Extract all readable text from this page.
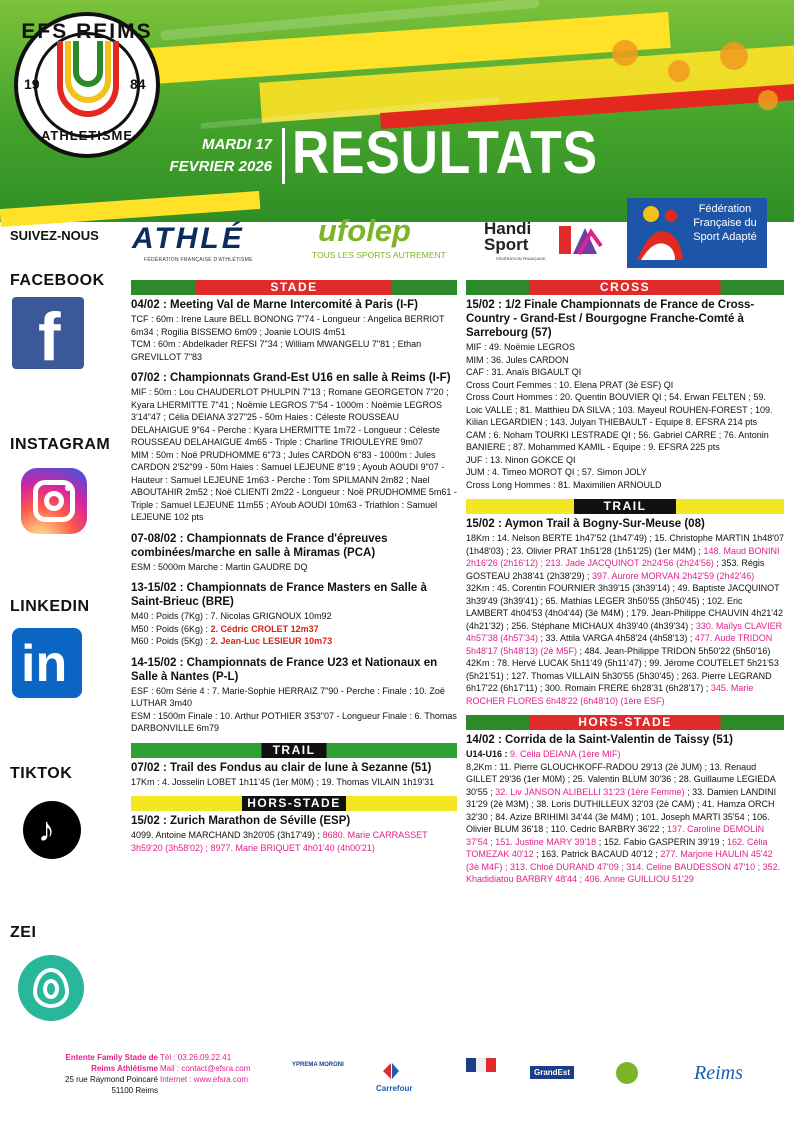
EFS REIMS
19	84
ATHLETISME
MARDI 17
FEVRIER 2026 RESULTATS
SUIVEZ-NOUS
FACEBOOK
f
INSTAGRAM
LINKEDIN
in
TIKTOK
♪
ZEI
ATHLÉ
FÉDÉRATION FRANÇAISE D'ATHLÉTISME
ufolep
TOUS LES SPORTS AUTREMENT
Handi
Sport
FÉDÉRATION FRANÇAISE
Fédération Française du Sport Adapté
STADE
04/02 : Meeting Val de Marne Intercomité à Paris (I-F)

TCF : 60m : Irene Laure BELL BONONG 7"74 - Longueur : Angelica BERRIOT 6m34 ; Rogilia BISSEMO 6m09 ; Joanie LOUIS 4m51

TCM : 60m : Abdelkader REFSI 7"34 ; William MWANGELU 7"81 ; Ethan GREVILLOT 7"83

07/02 : Championnats Grand-Est U16 en salle à Reims (I-F)

MIF : 50m : Lou CHAUDERLOT PHULPIN 7"13 ; Romane GEORGETON 7"20 ; Kyara LHERMITTE 7"41 ; Noëmie LEGROS 7"54 - 1000m : Noëmie LEGROS 3'14"47 ; Célia DEIANA 3'27"25 - 50m Haies : Céleste ROUSSEAU DELAHAIGUE 9"64 - Perche : Kyara LHERMITTE 1m72 - Longueur : Céleste ROUSSEAU DELAHAIGUE 4m65 - Triple : Charline TRIOULEYRE 9m07

MIM : 50m : Noë PRUDHOMME 6"73 ; Jules CARDON 6"83 - 1000m : Jules CARDON 2'52"99 - 50m Haies : Samuel LEJEUNE 8"19 ; Ayoub AOUDI 9"07 - Hauteur : Samuel LEJEUNE 1m63 - Perche : Tom SPILMANN 2m82 ; Nael ABOUTAHIR 2m52 ; Noë CLIENTI 2m22 - Longueur : Noë PRUDHOMME 5m61 - Triple : Samuel LEJEUNE 11m55 ; AYoub AOUDI 10m63 - Triathlon : Samuel LEJEUNE 102 pts

07-08/02 : Championnats de France d'épreuves combinées/marche en salle à Miramas (PCA)

ESM : 5000m Marche : Martin GAUDRE DQ

13-15/02 : Championnats de France Masters en Salle à Saint-Brieuc (BRE)

M40 : Poids (7Kg) : 7. Nicolas GRIGNOUX 10m92

M50 : Poids (6Kg) : 2. Cédric CROLET 12m37

M60 : Poids (5Kg) : 2. Jean-Luc LESIEUR 10m73

14-15/02 : Championnats de France U23 et Nationaux en Salle à Nantes (P-L)

ESF : 60m Série 4 : 7. Marie-Sophie HERRAIZ 7"90 - Perche : Finale : 10. Zoë LUTHAR 3m40

ESM : 1500m Finale : 10. Arthur POTHIER 3'53"07 - Longueur Finale : 6. Thomas DARBONVILLE 6m79

TRAIL
07/02 : Trail des Fondus au clair de lune à Sezanne (51)

17Km : 4. Josselin LOBET 1h11'45 (1er M0M) ; 19. Thomas VILAIN 1h19'31

HORS-STADE
15/02 : Zurich Marathon de Séville (ESP)

4099. Antoine MARCHAND 3h20'05 (3h17'49) ; 8680. Marie CARRASSET 3h59'20 (3h58'02) ; 8977. Marie BRIQUET 4h01'40 (4h00'21)

CROSS
15/02 : 1/2 Finale Championnats de France de Cross-Country - Grand-Est / Bourgogne Franche-Comté à Sarrebourg (57)

MIF : 49. Noëmie LEGROS

MIM : 36. Jules CARDON

CAF : 31. Anaïs BIGAULT QI

Cross Court Femmes : 10. Elena PRAT (3è ESF) QI

Cross Court Hommes : 20. Quentin BOUVIER QI ; 54. Erwan FELTEN ; 59. Loic VALLE ; 81. Matthieu DA SILVA ; 103. Mayeul ROUHEN-FOREST ; 109. Kilian LEGARDIEN ; 143. Julyan THIEBAULT - Equipe 8. EFSRA 214 pts

CAM : 6. Noham TOURKI LESTRADE QI ; 56. Gabriel CARRE ; 76. Antonin BANIERE ; 87. Mohammed KAMIL - Equipe : 9. EFSRA 225 pts

JUF : 13. Ninon GOKCE QI

JUM : 4. Timeo MOROT QI ; 57. Simon JOLY

Cross Long Hommes : 81. Maximilien ARNOULD

TRAIL
15/02 : Aymon Trail à Bogny-Sur-Meuse (08)

18Km : 14. Nelson BERTE 1h47'52 (1h47'49) ; 15. Christophe MARTIN 1h48'07 (1h48'03) ; 23. Olivier PRAT 1h51'28 (1h51'25) (1er M4M) ; 148. Maud BONINI 2h16'26 (2h16'12) ; 213. Jade JACQUINOT 2h24'56 (2h24'56) ; 353. Régis GOSTEAU 2h38'41 (2h38'29) ; 397. Aurore MORVAN 2h42'59 (2h42'46)

32Km : 45. Corentin FOURNIER 3h39'15 (3h39'14) ; 49. Baptiste JACQUINOT 3h39'49 (3h39'41) ; 65. Mathias LEGER 3h50'55 (3h50'45) ; 102. Eric LAMBERT 4h04'53 (4h04'44) (3è M4M) ; 179. Jean-Philippe CHAUVIN 4h21'42 (4h21'32) ; 256. Stéphane MICHAUX 4h39'40 (4h39'34) ; 330. Maïlys CLAVIER 4h57'38 (4h57'34) ; 33. Attila VARGA 4h58'24 (4h58'13) ; 477. Aude TRIDON 5h48'17 (5h48'13) (2è M5F) ; 484. Jean-Philippe TRIDON 5h50'22 (5h50'16)

42Km : 78. Hervé LUCAK 5h11'49 (5h11'47) ; 99. Jérome COUTELET 5h21'53 (5h21'51) ; 127. Thomas VILLAIN 5h30'55 (5h30'45) ; 263. Pierre LEGRAND 6h17'22 (6h17'11) ; 300. Romain FRERE 6h28'31 (6h28'17) ; 345. Marie ROCHER FLORES 6h48'22 (6h48'10) (1ère ESF)

HORS-STADE
14/02 : Corrida de la Saint-Valentin de Taissy (51)

U14-U16 : 9. Célia DEIANA (1ère MIF)

8,2Km : 11. Pierre GLOUCHKOFF-RADOU 29'13 (2è JUM) ; 13. Renaud GILLET 29'36 (1er M0M) ; 25. Valentin BLUM 30'36 ; 28. Guillaume LEGIEDA 30'55 ; 32. Liv JANSON ALIBELLI 31'23 (1ère Femme) ; 33. Damien LANDINI 31'29 (2è M3M) ; 38. Loris DUTHILLEUX 32'03 (2è CAM) ; 41. Hamza ORCH 32'30 ; 84. Azize BRIHIMI 34'44 (3è M4M) ; 101. Joseph MARTI 35'54 ; 106. Olivier BLUM 36'18 ; 110. Cedric BARBRY 36'22 ; 137. Caroline DEMOLIN 37'54 ; 151. Justine MARY 39'18 ; 152. Fabio GASPERIN 39'19 ; 162. Célia TOMEZAK 40'12 ; 163. Patrick BACAUD 40'12 ; 277. Marjorie HAULIN 45'42 (3è M4F) ; 313. Chloé DURAND 47'09 ; 314. Celine BAUDESSON 47'10 ; 352. Khadidiatou BARBRY 48'44 ; 406. Anne GUILLIOU 51'29

Entente Family Stade de
Reims Athlétisme
25 rue Raymond Poincaré
51100 Reims
Tél : 03.26.09.22.41
Mail : contact@efsra.com
Internet : www.efsra.com
YPREMA MORONI
Carrefour
GrandEst	Reims
